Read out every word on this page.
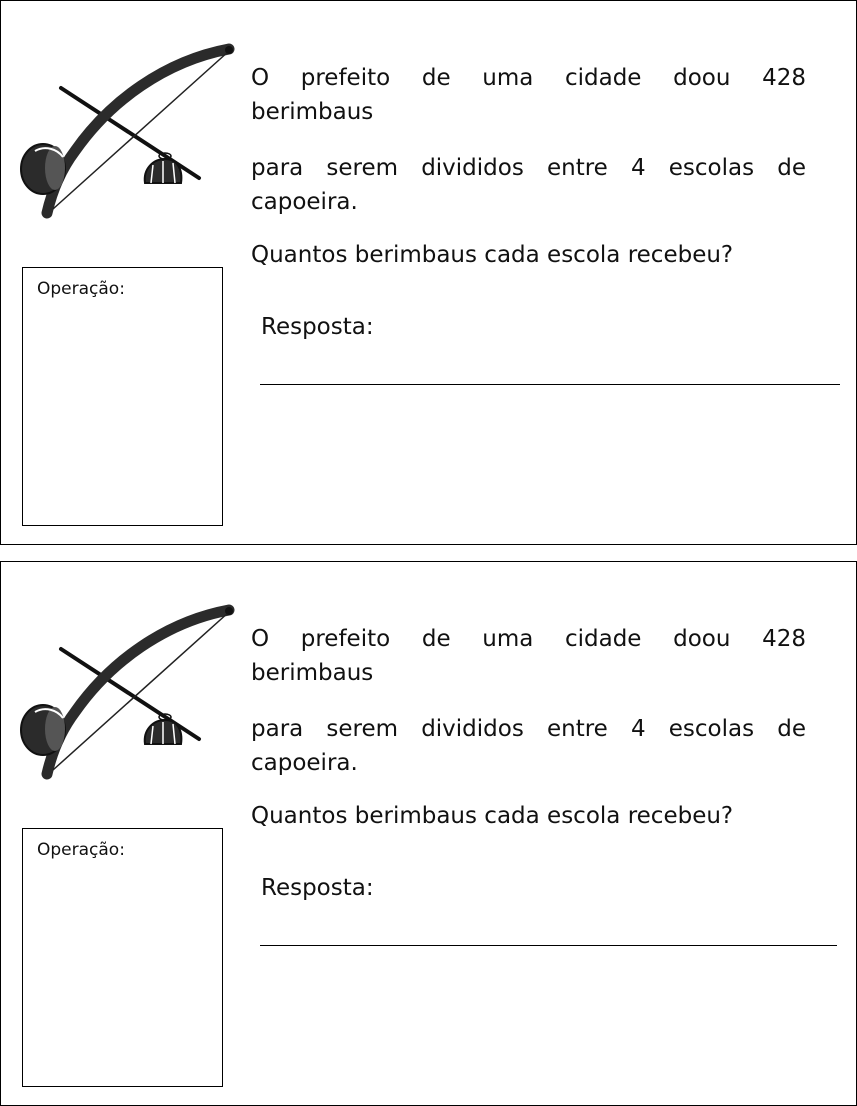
O prefeito de uma cidade doou 428
berimbaus
para serem divididos entre 4 escolas de
capoeira.
Quantos berimbaus cada escola recebeu?
Operação:
Resposta:
O prefeito de uma cidade doou 428
berimbaus
para serem divididos entre 4 escolas de
capoeira.
Quantos berimbaus cada escola recebeu?
Operação:
Resposta:
